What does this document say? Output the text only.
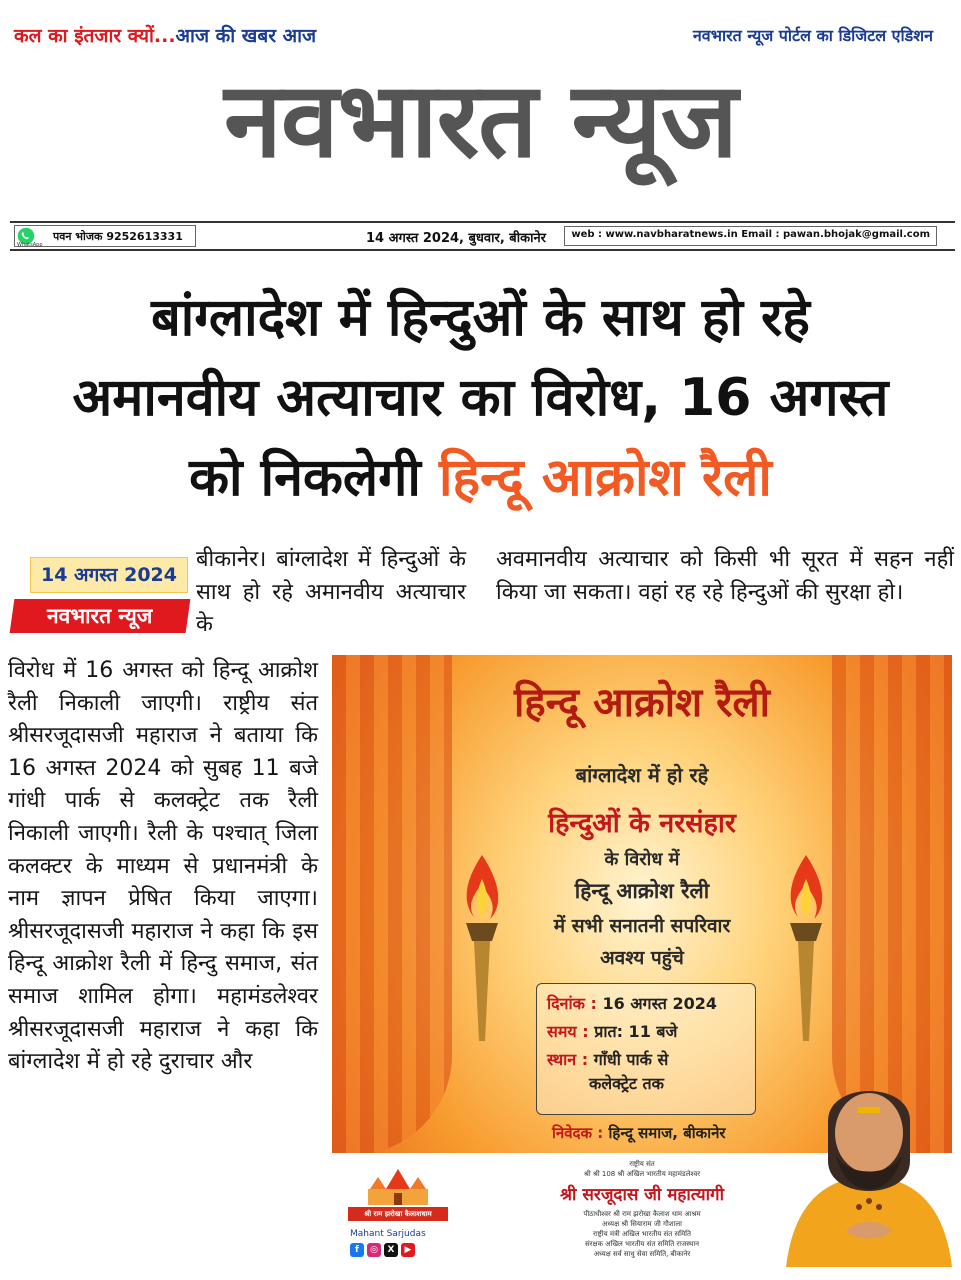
कल का इंतजार क्यों...आज की खबर आज	नवभारत न्यूज पोर्टल का डिजिटल एडिशन
नवभारत न्यूज
WhatsApp
पवन भोजक 9252613331	14 अगस्त 2024, बुधवार, बीकानेर	web : www.navbharatnews.in Email : pawan.bhojak@gmail.com
बांग्लादेश में हिन्दुओं के साथ हो रहे
अमानवीय अत्याचार का विरोध, 16 अगस्त
को निकलेगी हिन्दू आक्रोश रैली
14 अगस्त 2024
नवभारत न्यूज

बीकानेर। बांग्लादेश में हिन्दुओं के साथ हो रहे अमानवीय अत्याचार के

विरोध में 16 अगस्त को हिन्दू आक्रोश रैली निकाली जाएगी। राष्ट्रीय संत श्रीसरजूदासजी महाराज ने बताया कि 16 अगस्त 2024 को सुबह 11 बजे गांधी पार्क से कलक्ट्रेट तक रैली निकाली जाएगी। रैली के पश्चात् जिला कलक्टर के माध्यम से प्रधानमंत्री के नाम ज्ञापन प्रेषित किया जाएगा। श्रीसरजूदासजी महाराज ने कहा कि इस हिन्दू आक्रोश रैली में हिन्दु समाज, संत समाज शामिल होगा। महामंडलेश्वर श्रीसरजूदासजी महाराज ने कहा कि बांग्लादेश में हो रहे दुराचार और

अवमानवीय अत्याचार को किसी भी सूरत में सहन नहीं किया जा सकता। वहां रह रहे हिन्दुओं की सुरक्षा हो।

हिन्दू आक्रोश रैली
बांग्लादेश में हो रहे
हिन्दुओं के नरसंहार
के विरोध में
हिन्दू आक्रोश रैली
में सभी सनातनी सपरिवार
अवश्य पहुंचे
दिनांक : 16 अगस्त 2024
समय : प्रात: 11 बजे
स्थान : गाँधी पार्क से
कलेक्ट्रेट तक
निवेदक : हिन्दू समाज, बीकानेर
श्री राम झरोखा कैलाशधाम
Mahant Sarjudas
f	◎	X	▶
राष्ट्रीय संत
श्री श्री 108 श्री अखिल भारतीय महामंडलेश्वर
श्री सरजूदास जी महात्यागी
पीठाधीश्वर श्री राम झरोखा कैलाश धाम आश्रम
अध्यक्ष श्री सियाराम जी गौशाला
राष्ट्रीय मंत्री अखिल भारतीय संत समिति
संरक्षक अखिल भारतीय संत समिति राजस्थान
अध्यक्ष सर्व साधु सेवा समिति, बीकानेर
